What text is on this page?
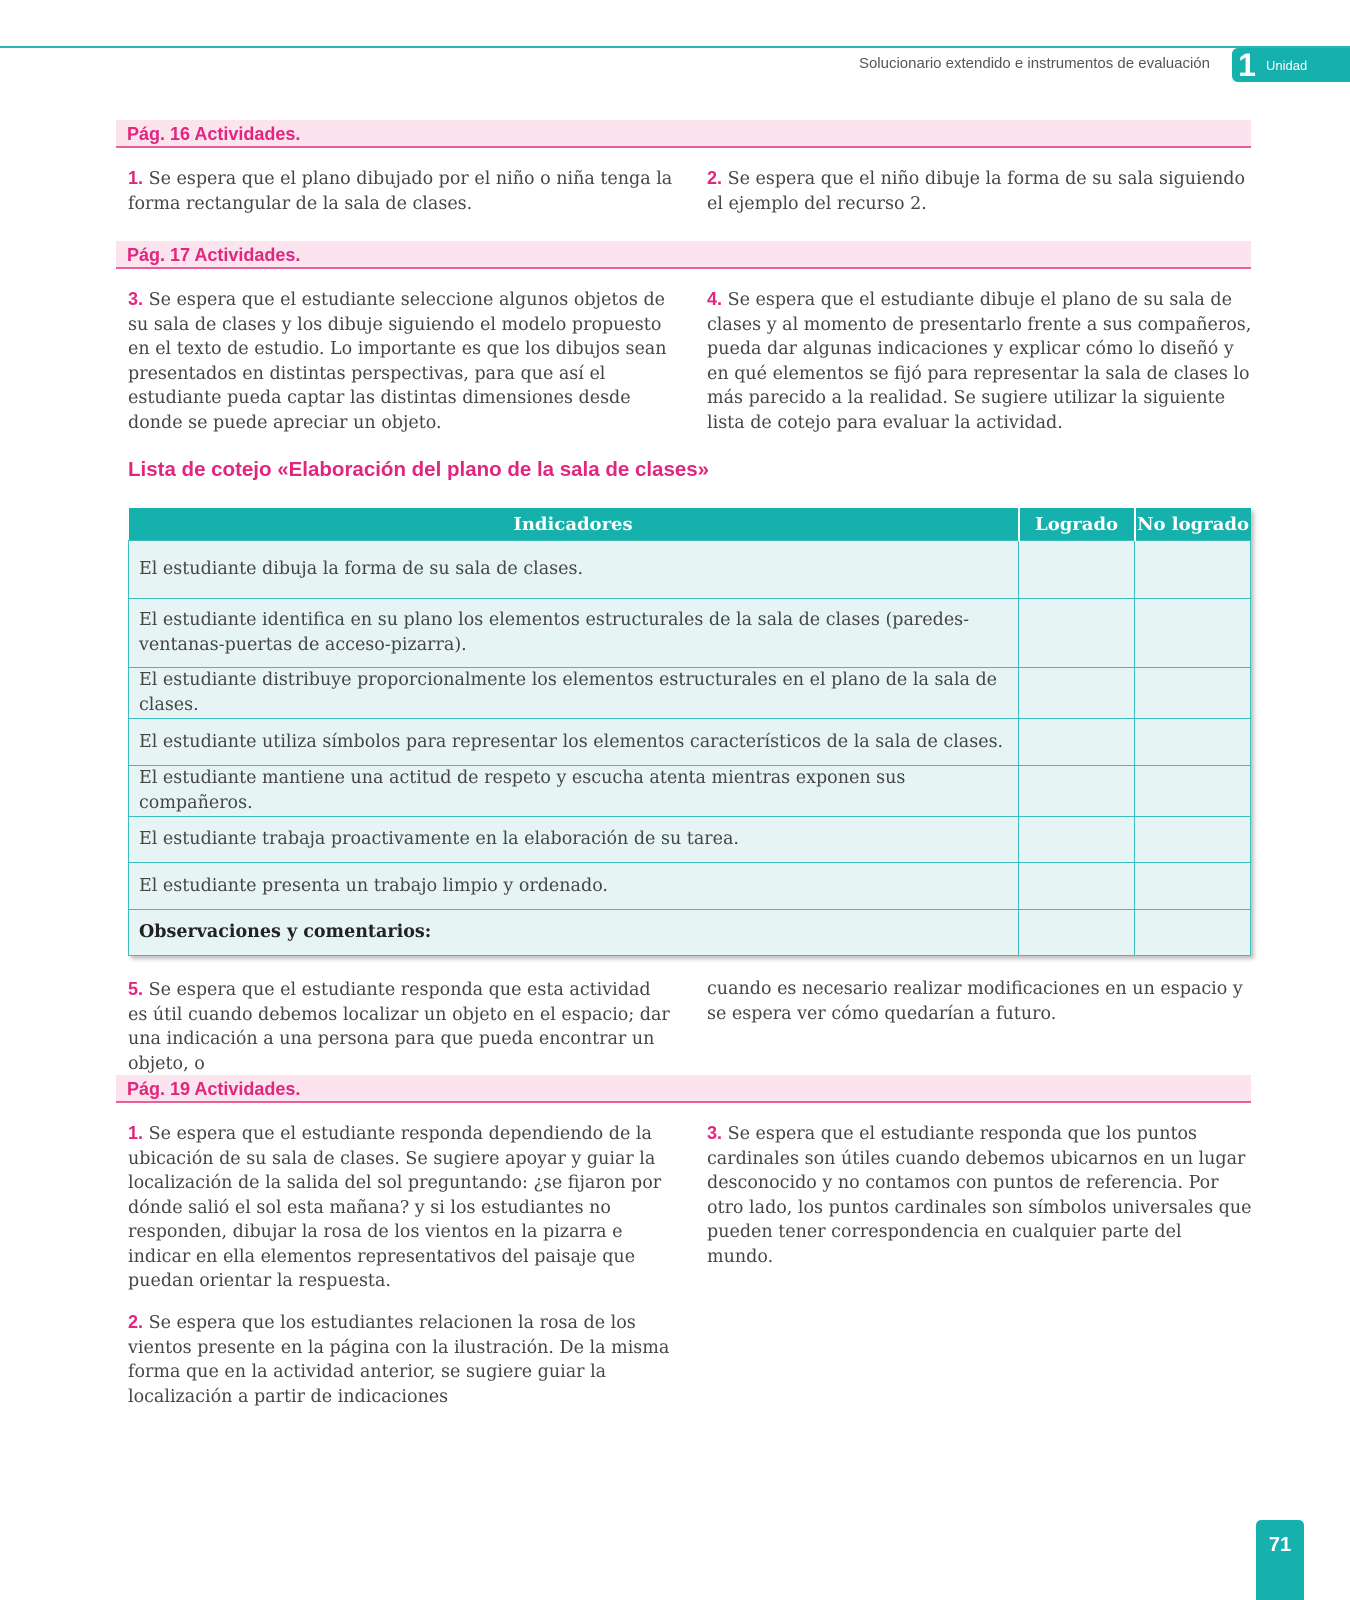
Solucionario extendido e instrumentos de evaluación 1 Unidad
Pág. 16 Actividades.

1. Se espera que el plano dibujado por el niño o niña tenga la forma rectangular de la sala de clases.

2. Se espera que el niño dibuje la forma de su sala siguiendo el ejemplo del recurso 2.

Pág. 17 Actividades.

3. Se espera que el estudiante seleccione algunos objetos de su sala de clases y los dibuje siguiendo el modelo propuesto en el texto de estudio. Lo importante es que los dibujos sean presentados en distintas perspectivas, para que así el estudiante pueda captar las distintas dimensiones desde donde se puede apreciar un objeto.

4. Se espera que el estudiante dibuje el plano de su sala de clases y al momento de presentarlo frente a sus compañeros, pueda dar algunas indicaciones y explicar cómo lo diseñó y en qué elementos se fijó para representar la sala de clases lo más parecido a la realidad. Se sugiere utilizar la siguiente lista de cotejo para evaluar la actividad.

Lista de cotejo «Elaboración del plano de la sala de clases»
Indicadores	Logrado	No logrado
El estudiante dibuja la forma de su sala de clases.		
El estudiante identifica en su plano los elementos estructurales de la sala de clases (paredes-ventanas-puertas de acceso-pizarra).		
El estudiante distribuye proporcionalmente los elementos estructurales en el plano de la sala de clases.		
El estudiante utiliza símbolos para representar los elementos característicos de la sala de clases.		
El estudiante mantiene una actitud de respeto y escucha atenta mientras exponen sus compañeros.		
El estudiante trabaja proactivamente en la elaboración de su tarea.		
El estudiante presenta un trabajo limpio y ordenado.		
Observaciones y comentarios:		

5. Se espera que el estudiante responda que esta actividad es útil cuando debemos localizar un objeto en el espacio; dar una indicación a una persona para que pueda encontrar un objeto, o

cuando es necesario realizar modificaciones en un espacio y se espera ver cómo quedarían a futuro.

Pág. 19 Actividades.

1. Se espera que el estudiante responda dependiendo de la ubicación de su sala de clases. Se sugiere apoyar y guiar la localización de la salida del sol preguntando: ¿se fijaron por dónde salió el sol esta mañana? y si los estudiantes no responden, dibujar la rosa de los vientos en la pizarra e indicar en ella elementos representativos del paisaje que puedan orientar la respuesta.

2. Se espera que los estudiantes relacionen la rosa de los vientos presente en la página con la ilustración. De la misma forma que en la actividad anterior, se sugiere guiar la localización a partir de indicaciones

3. Se espera que el estudiante responda que los puntos cardinales son útiles cuando debemos ubicarnos en un lugar desconocido y no contamos con puntos de referencia. Por otro lado, los puntos cardinales son símbolos universales que pueden tener correspondencia en cualquier parte del mundo.

71
